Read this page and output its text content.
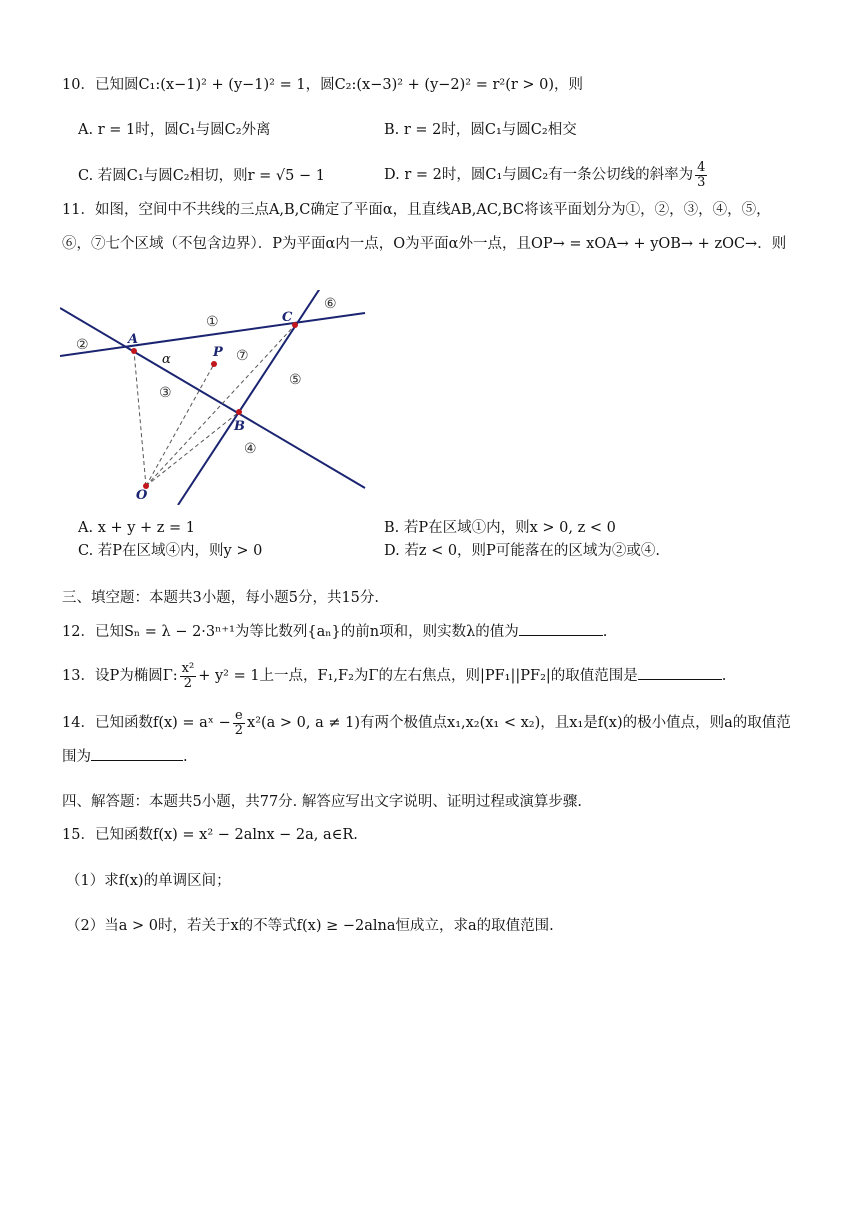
10．已知圆C₁:(x−1)² + (y−1)² = 1，圆C₂:(x−3)² + (y−2)² = r²(r > 0)，则
A. r = 1时，圆C₁与圆C₂外离	B. r = 2时，圆C₁与圆C₂相交
C. 若圆C₁与圆C₂相切，则r = √5 − 1	D. r = 2时，圆C₁与圆C₂有一条公切线的斜率为 $\frac{4}{3}$
11．如图，空间中不共线的三点A,B,C确定了平面α，且直线AB,AC,BC将该平面划分为①，②，③，④，⑤，
⑥，⑦七个区域（不包含边界）．P为平面α内一点，O为平面α外一点，且OP→ = xOA→ + yOB→ + zOC→．则
A
B
C
P
O
α
①
②
③
④
⑤
⑥
⑦
A. x + y + z = 1	B. 若P在区域①内，则x > 0, z < 0
C. 若P在区域④内，则y > 0	D. 若z < 0，则P可能落在的区域为②或④.
三、填空题：本题共3小题，每小题5分，共15分.
12．已知Sₙ = λ − 2·3ⁿ⁺¹为等比数列{aₙ}的前n项和，则实数λ的值为	.
13．设P为椭圆Γ: $\frac{\text{x²}}{2} + y^2 = 1$上一点，F₁,F₂为Γ的左右焦点，则|PF₁||PF₂|的取值范围是	.
14．已知函数f(x) = aˣ − $\frac{e}{2} x^2(a > 0$, a ≠ 1)有两个极值点x₁,x₂(x₁ < x₂)，且x₁是f(x)的极小值点，则a的取值范
围为	.
四、解答题：本题共5小题，共77分. 解答应写出文字说明、证明过程或演算步骤.
15．已知函数f(x) = x² − 2alnx − 2a, a∈R.
（1）求f(x)的单调区间；
（2）当a > 0时，若关于x的不等式f(x) ≥ −2alna恒成立，求a的取值范围.
